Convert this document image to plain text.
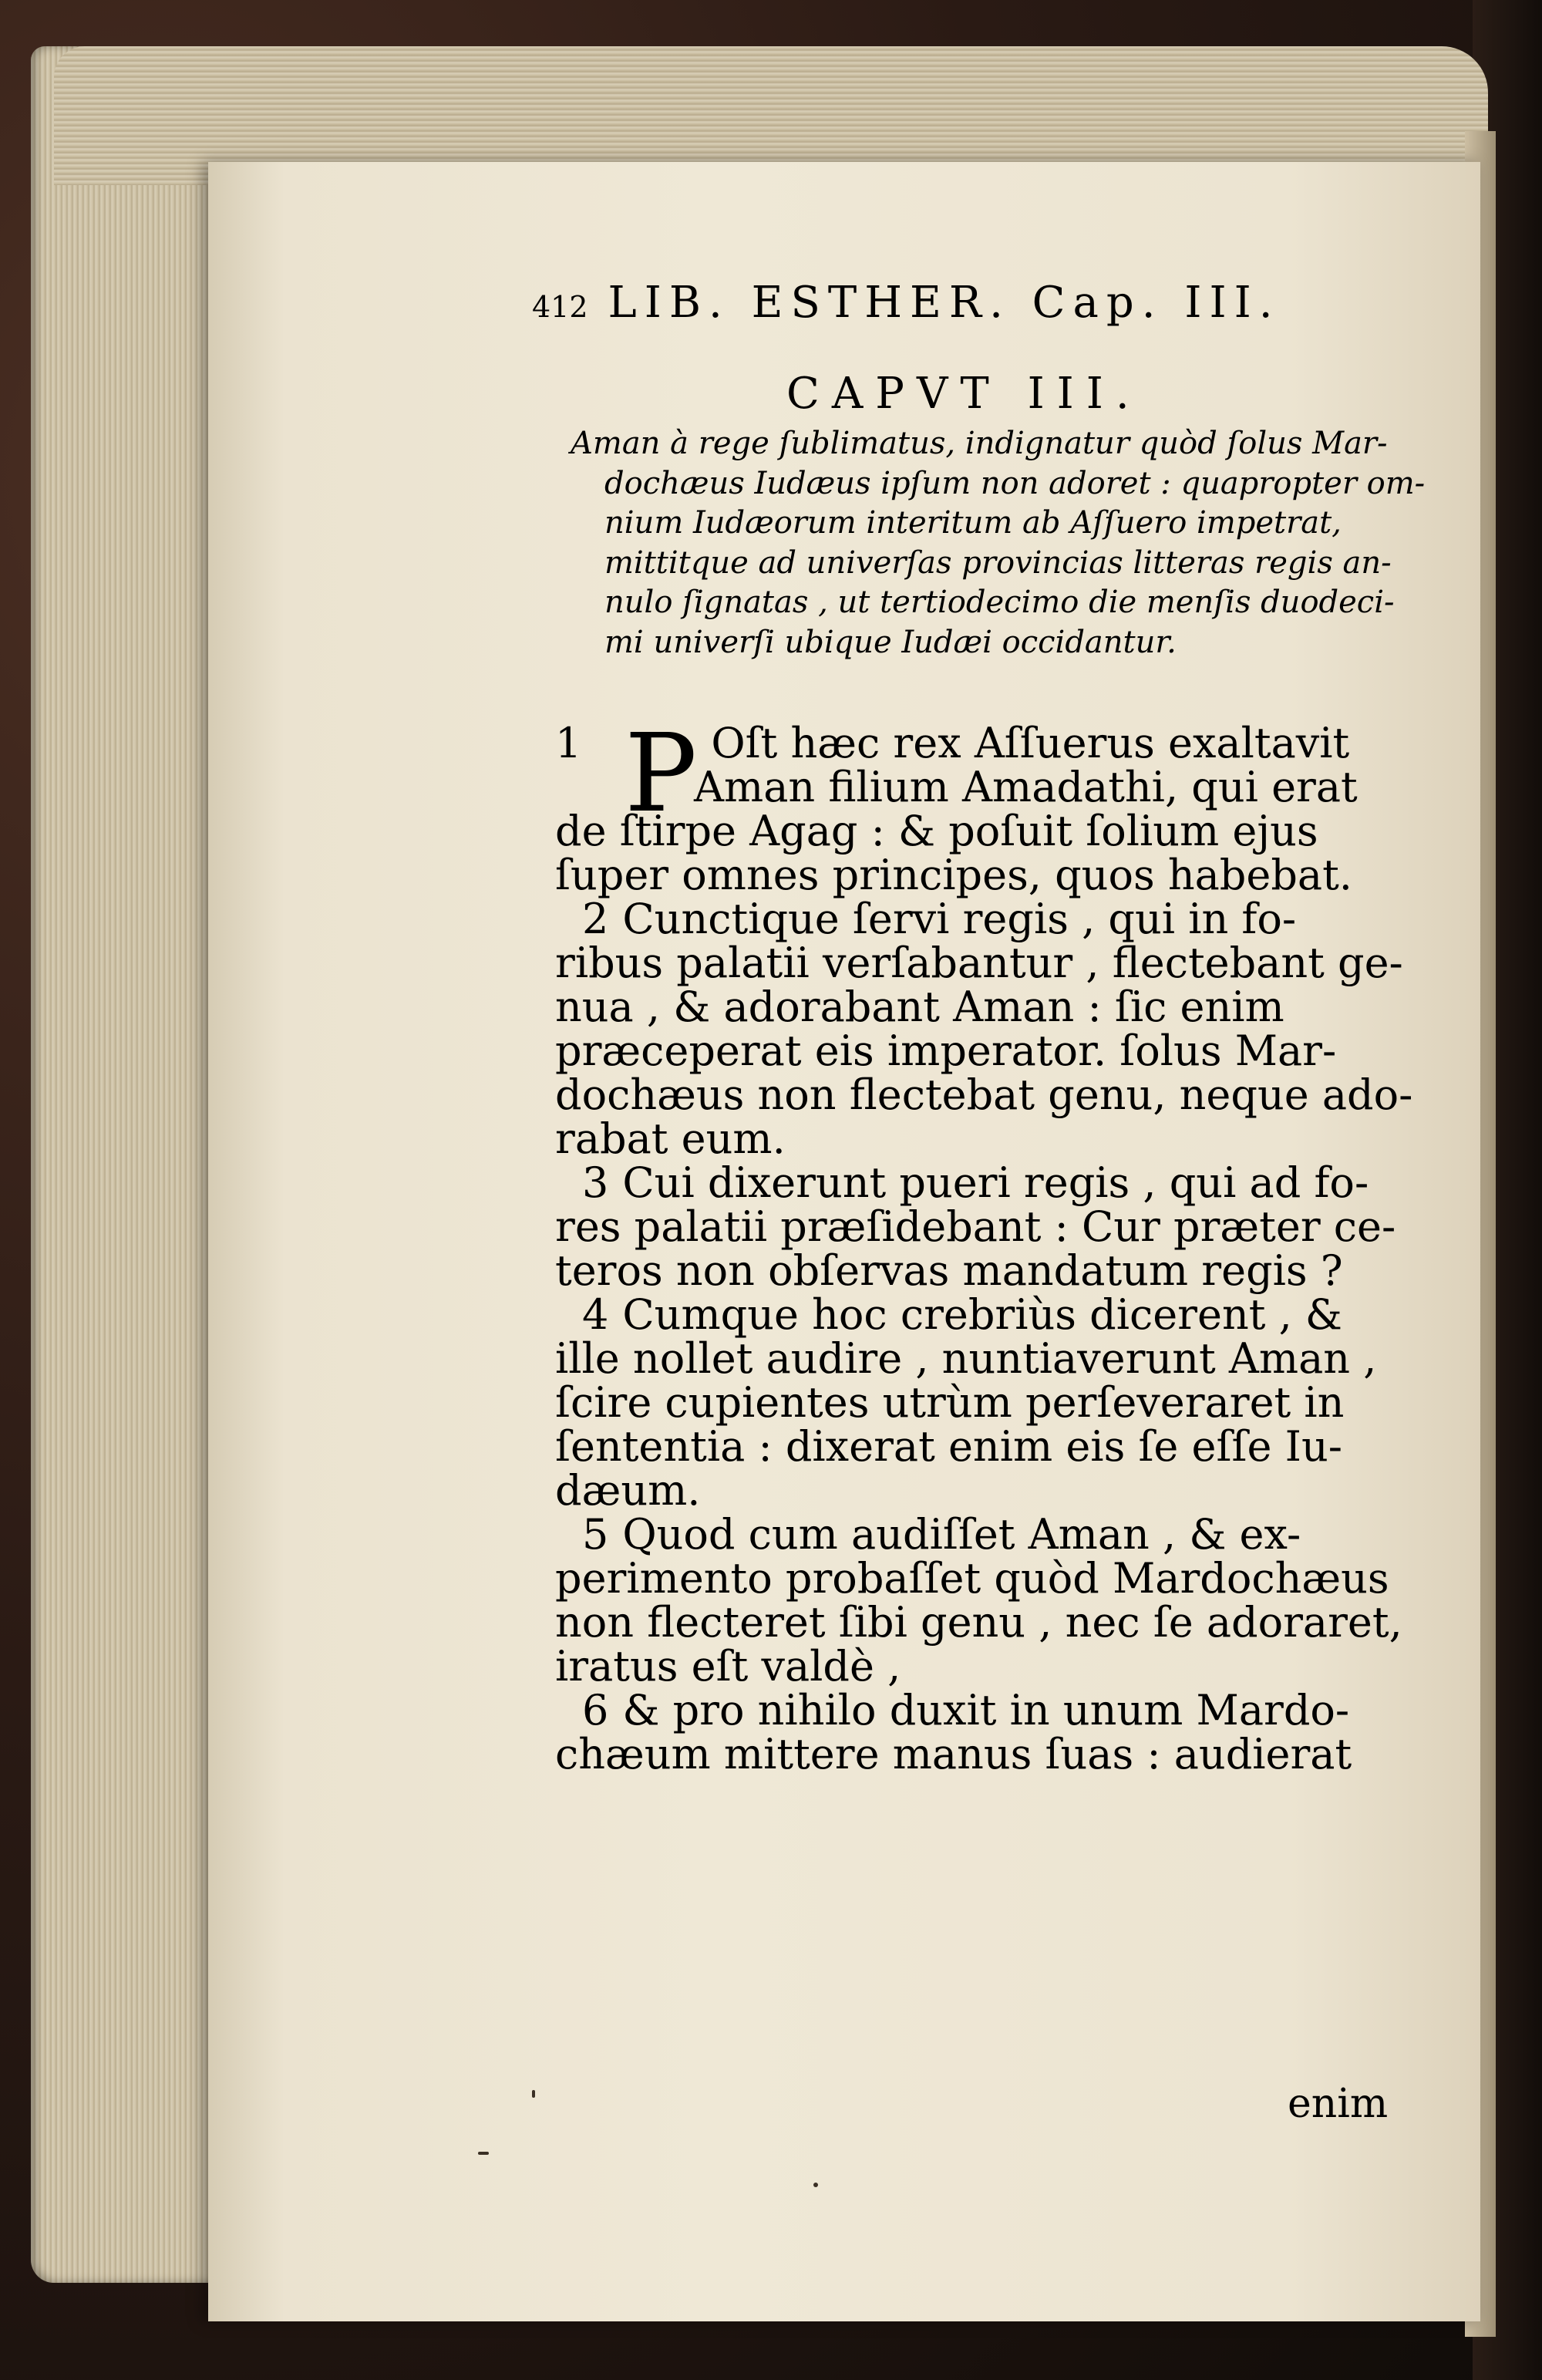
412 LIB. ESTHER. Cap. III.
CAPVT III.
Aman à rege ſublimatus, indignatur quòd ſolus Mar-
dochæus Iudæus ipſum non adoret : quapropter om-
nium Iudæorum interitum ab Aſſuero impetrat,
mittitque ad univerſas provincias litteras regis an-
nulo ſignatas , ut tertiodecimo die menſis duodeci-
mi univerſi ubique Iudæi occidantur.
P
1	Oſt hæc rex Aſſuerus exaltavit
Aman filium Amadathi, qui erat
de ſtirpe Agag : & poſuit ſolium ejus
ſuper omnes principes, quos habebat.
2 Cunctique ſervi regis , qui in fo-
ribus palatii verſabantur , flectebant ge-
nua , & adorabant Aman : ſic enim
præceperat eis imperator. ſolus Mar-
dochæus non flectebat genu, neque ado-
rabat eum.
3 Cui dixerunt pueri regis , qui ad fo-
res palatii præſidebant : Cur præter ce-
teros non obſervas mandatum regis ?
4 Cumque hoc crebriùs dicerent , &
ille nollet audire , nuntiaverunt Aman ,
ſcire cupientes utrùm perſeveraret in
ſententia : dixerat enim eis ſe eſſe Iu-
dæum.
5 Quod cum audiſſet Aman , & ex-
perimento probaſſet quòd Mardochæus
non flecteret ſibi genu , nec ſe adoraret,
iratus eſt valdè ,
6 & pro nihilo duxit in unum Mardo-
chæum mittere manus ſuas : audierat
enim
